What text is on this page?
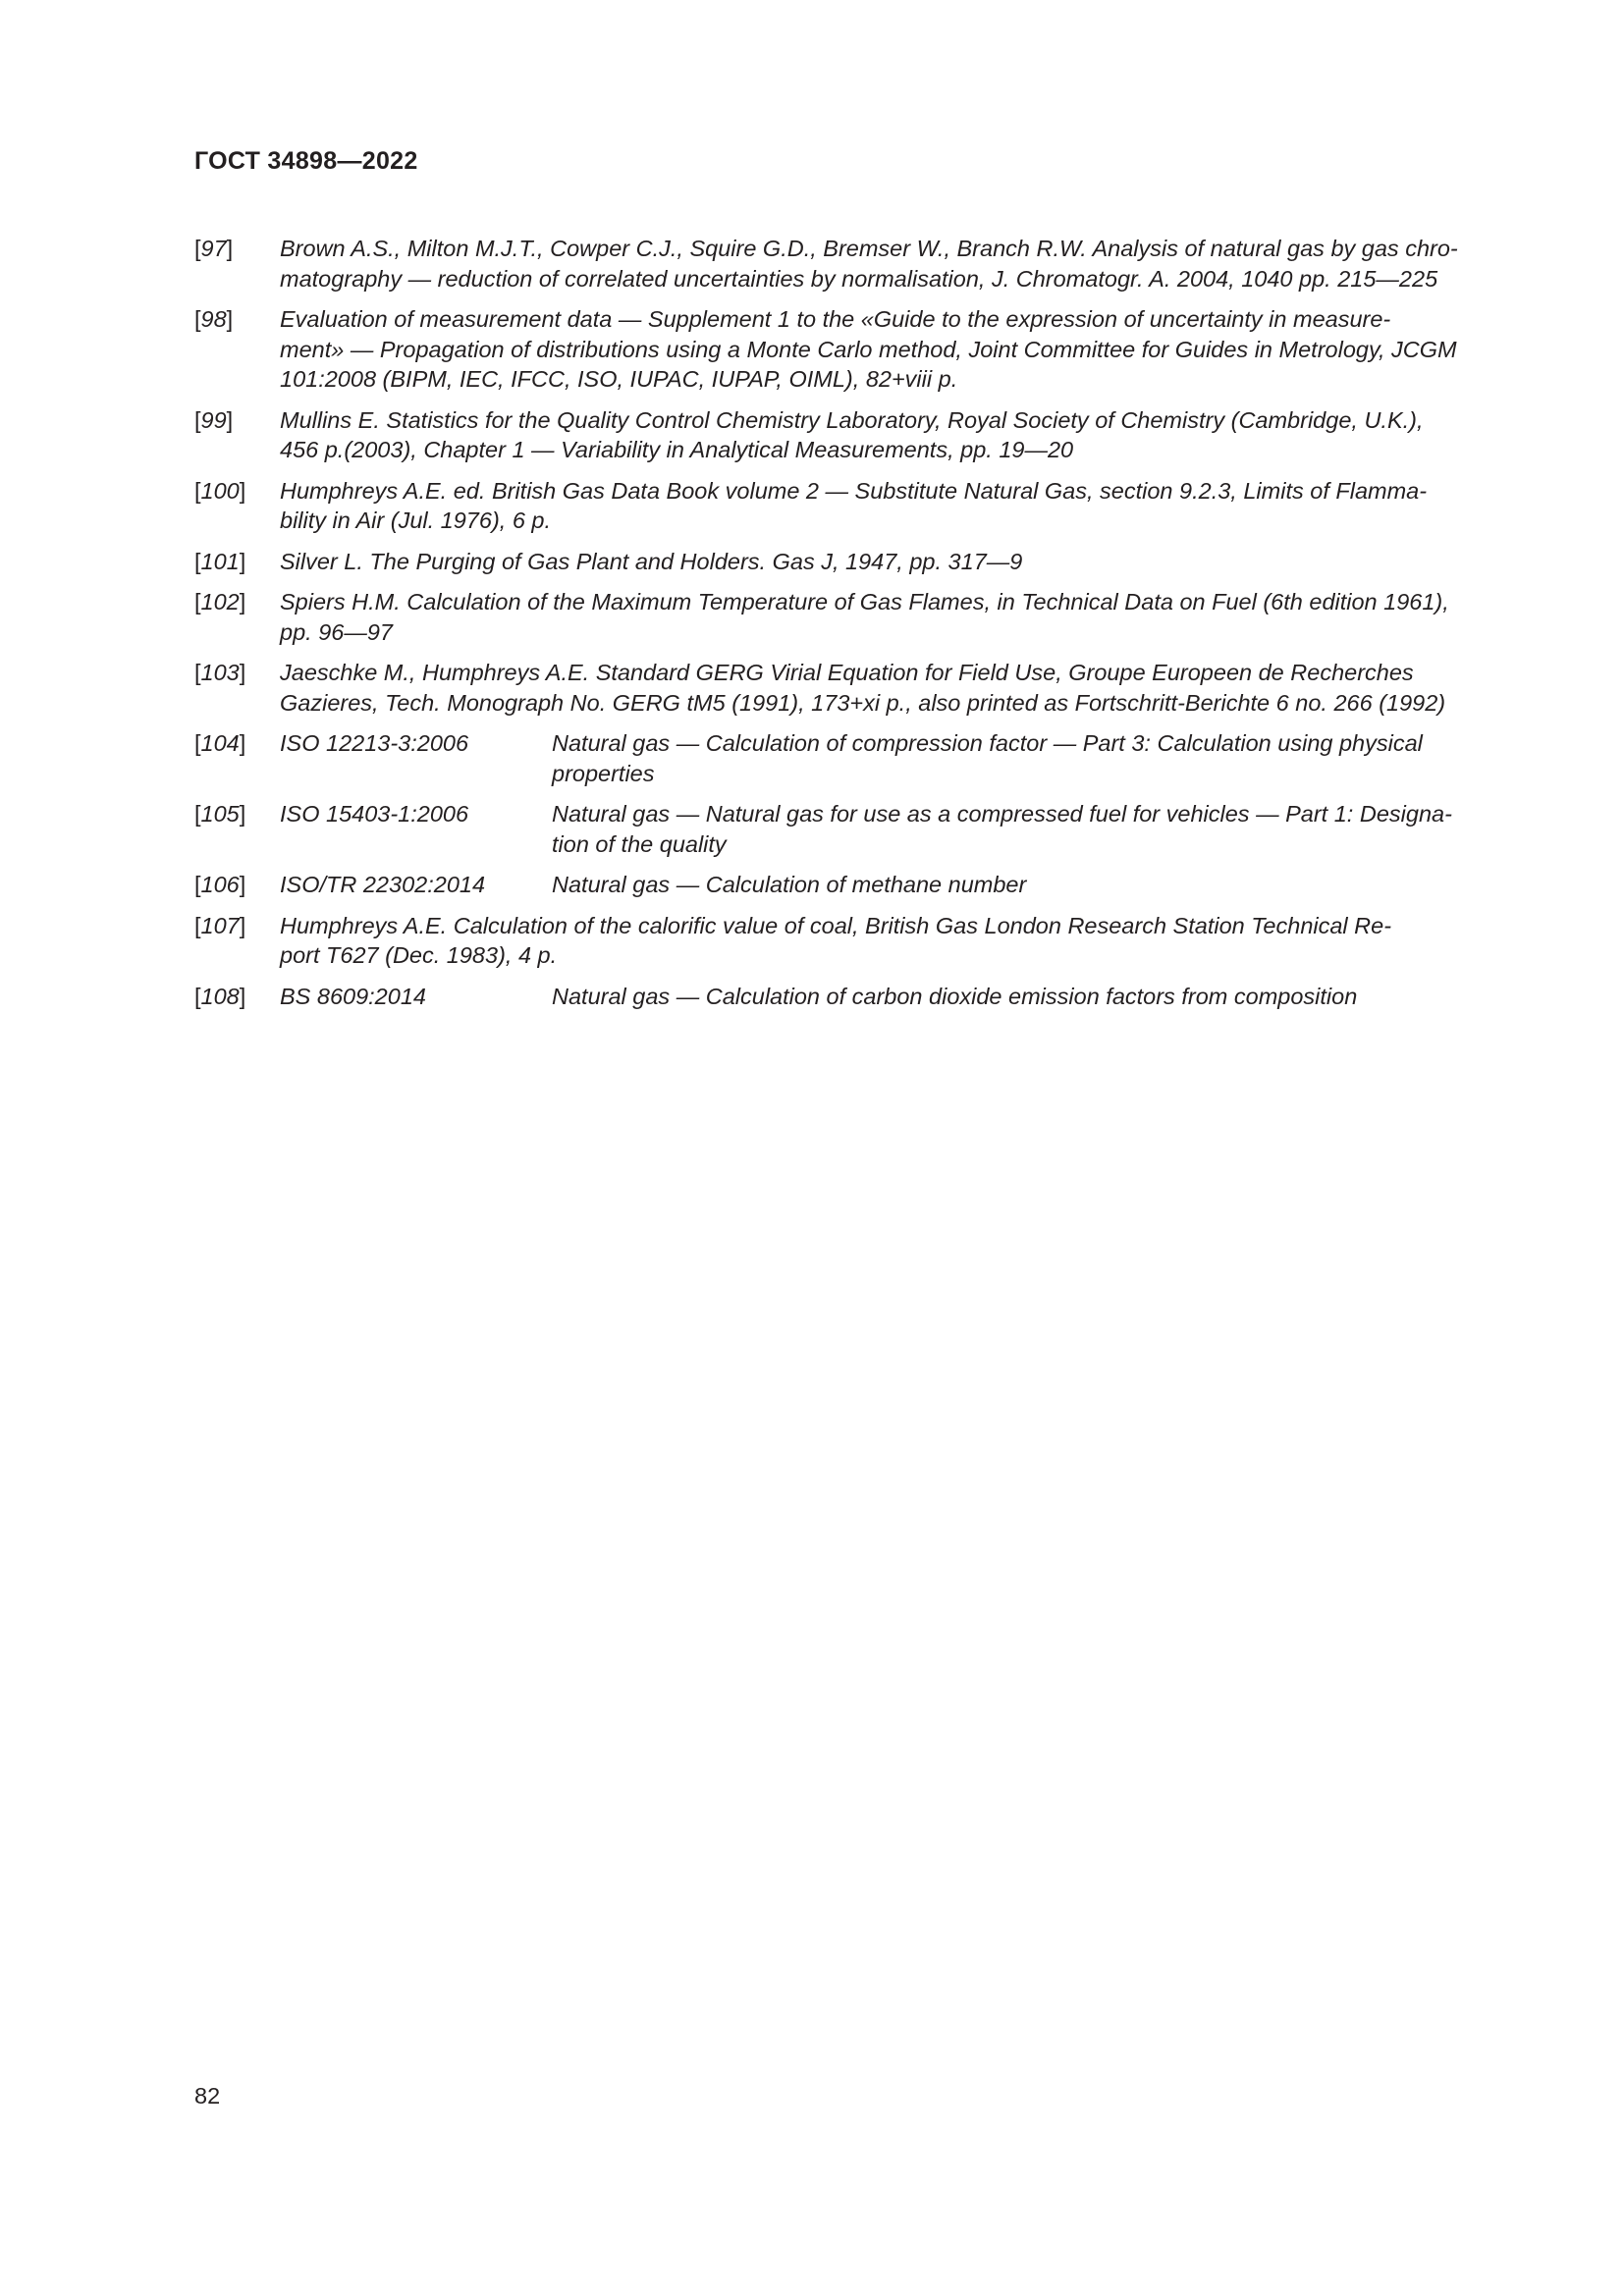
ГОСТ 34898—2022
[97]	Brown A.S., Milton M.J.T., Cowper C.J., Squire G.D., Bremser W., Branch R.W. Analysis of natural gas by gas chro-
matography — reduction of correlated uncertainties by normalisation, J. Chromatogr. A. 2004, 1040 pp. 215—225
[98]	Evaluation of measurement data — Supplement 1 to the «Guide to the expression of uncertainty in measure-
ment» — Propagation of distributions using a Monte Carlo method, Joint Committee for Guides in Metrology, JCGM
101:2008 (BIPM, IEC, IFCC, ISO, IUPAC, IUPAP, OIML), 82+viii p.
[99]	Mullins E. Statistics for the Quality Control Chemistry Laboratory, Royal Society of Chemistry (Cambridge, U.K.),
456 p.(2003), Chapter 1 — Variability in Analytical Measurements, pp. 19—20
[100]	Humphreys A.E. ed. British Gas Data Book volume 2 — Substitute Natural Gas, section 9.2.3, Limits of Flamma-
bility in Air (Jul. 1976), 6 p.
[101]	Silver L. The Purging of Gas Plant and Holders. Gas J, 1947, pp. 317—9
[102]	Spiers H.M. Calculation of the Maximum Temperature of Gas Flames, in Technical Data on Fuel (6th edition 1961),
pp. 96—97
[103]	Jaeschke M., Humphreys A.E. Standard GERG Virial Equation for Field Use, Groupe Europeen de Recherches
Gazieres, Tech. Monograph No. GERG tM5 (1991), 173+xi p., also printed as Fortschritt-Berichte 6 no. 266 (1992)
[104]	ISO 12213-3:2006	Natural gas — Calculation of compression factor — Part 3: Calculation using physical
properties
[105]	ISO 15403-1:2006	Natural gas — Natural gas for use as a compressed fuel for vehicles — Part 1: Designa-
tion of the quality
[106]	ISO/TR 22302:2014	Natural gas — Calculation of methane number
[107]	Humphreys A.E. Calculation of the calorific value of coal, British Gas London Research Station Technical Re-
port T627 (Dec. 1983), 4 p.
[108]	BS 8609:2014	Natural gas — Calculation of carbon dioxide emission factors from composition
82
